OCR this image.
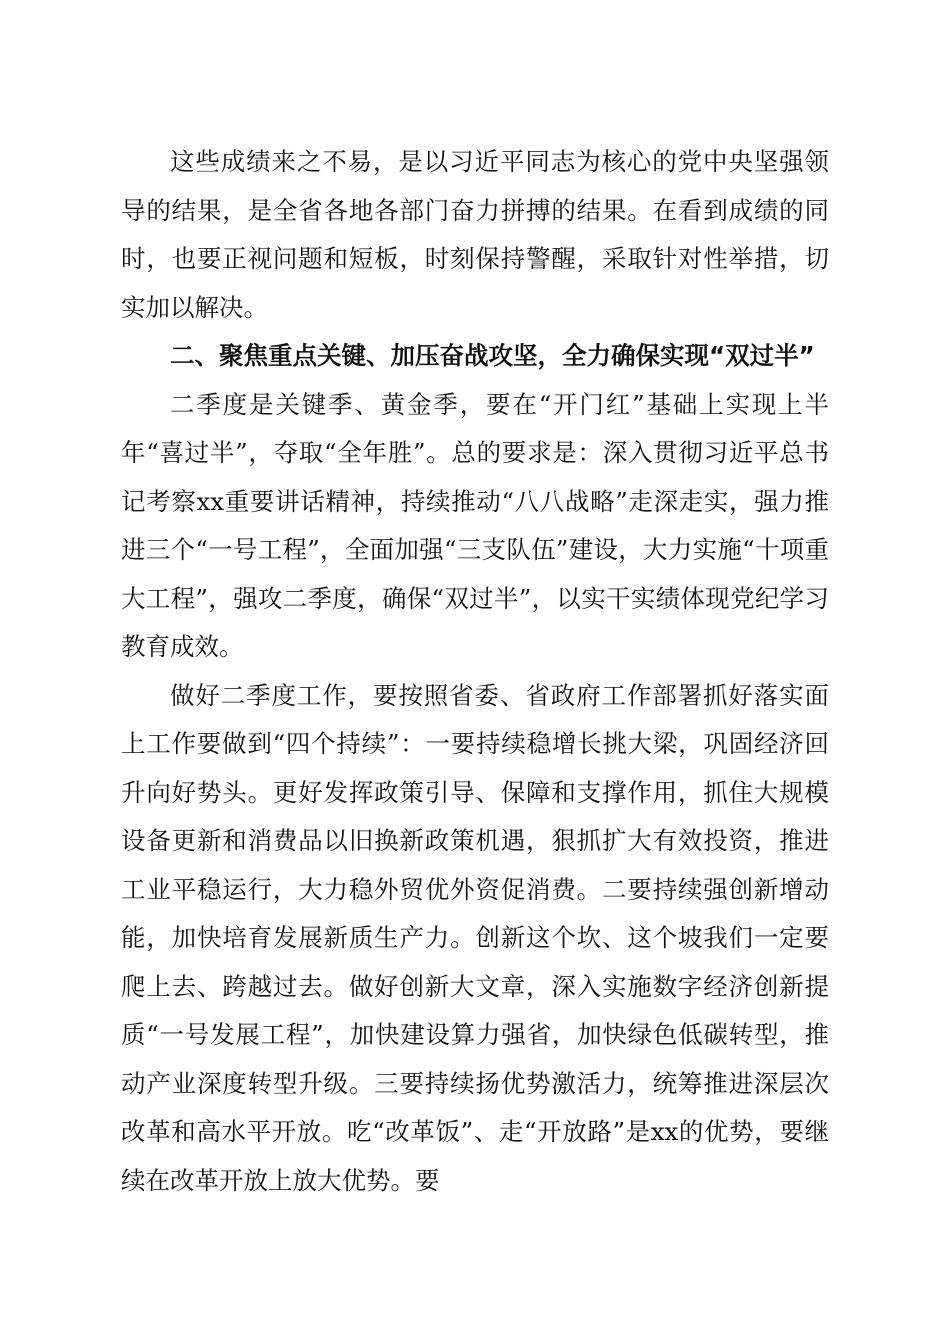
这些成绩来之不易，是以习近平同志为核心的党中央坚强领导的结果，是全省各地各部门奋力拼搏的结果。在看到成绩的同时，也要正视问题和短板，时刻保持警醒，采取针对性举措，切实加以解决。

二、聚焦重点关键、加压奋战攻坚，全力确保实现“双过半”

二季度是关键季、黄金季，要在“开门红”基础上实现上半年“喜过半”，夺取“全年胜”。总的要求是：深入贯彻习近平总书记考察xx重要讲话精神，持续推动“八八战略”走深走实，强力推进三个“一号工程”，全面加强“三支队伍”建设，大力实施“十项重大工程”，强攻二季度，确保“双过半”，以实干实绩体现党纪学习教育成效。

做好二季度工作，要按照省委、省政府工作部署抓好落实面上工作要做到“四个持续”：一要持续稳增长挑大梁，巩固经济回升向好势头。更好发挥政策引导、保障和支撑作用，抓住大规模设备更新和消费品以旧换新政策机遇，狠抓扩大有效投资，推进工业平稳运行，大力稳外贸优外资促消费。二要持续强创新增动能，加快培育发展新质生产力。创新这个坎、这个坡我们一定要爬上去、跨越过去。做好创新大文章，深入实施数字经济创新提质“一号发展工程”，加快建设算力强省，加快绿色低碳转型，推动产业深度转型升级。三要持续扬优势激活力，统筹推进深层次改革和高水平开放。吃“改革饭”、走“开放路”是xx的优势，要继续在改革开放上放大优势。要
